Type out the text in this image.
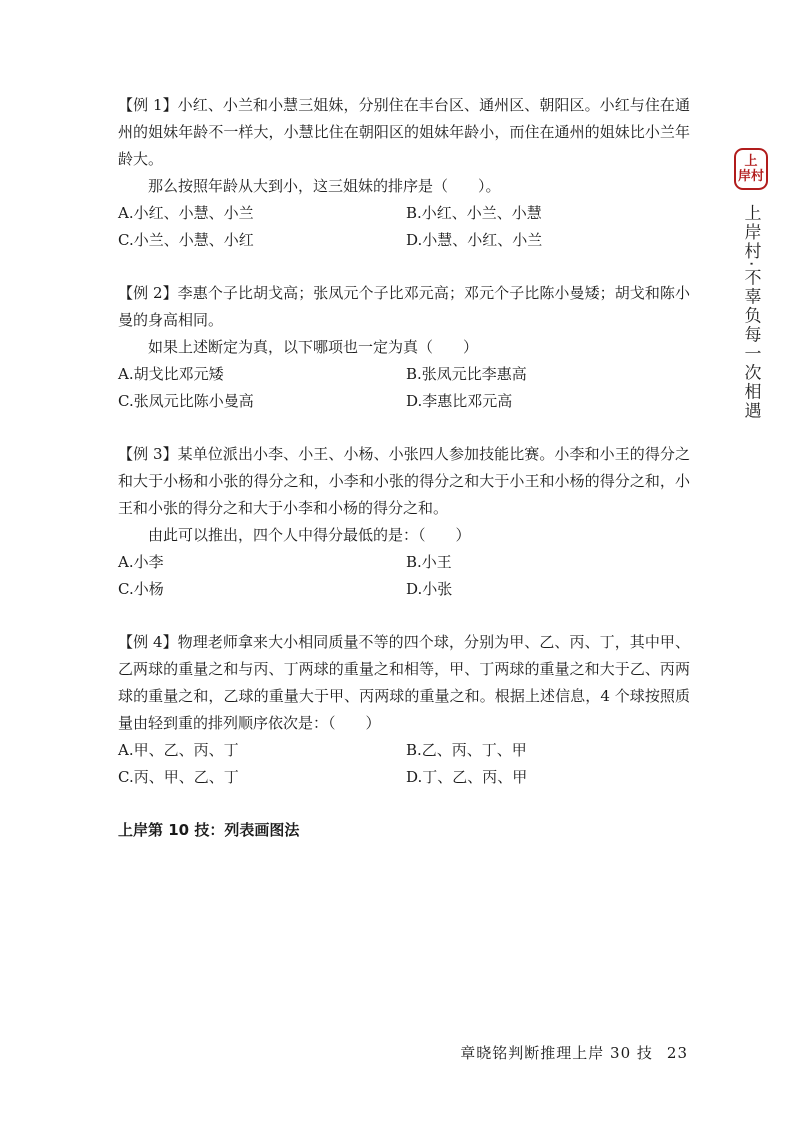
上
岸村
上岸村·不辜负每一次相遇

【例 1】小红、小兰和小慧三姐妹，分别住在丰台区、通州区、朝阳区。小红与住在通州的姐妹年龄不一样大，小慧比住在朝阳区的姐妹年龄小，而住在通州的姐妹比小兰年龄大。

那么按照年龄从大到小，这三姐妹的排序是（　　）。

A.小红、小慧、小兰	B.小红、小兰、小慧
C.小兰、小慧、小红	D.小慧、小红、小兰

【例 2】李惠个子比胡戈高；张凤元个子比邓元高；邓元个子比陈小曼矮；胡戈和陈小曼的身高相同。

如果上述断定为真，以下哪项也一定为真（　　）

A.胡戈比邓元矮	B.张凤元比李惠高
C.张凤元比陈小曼高	D.李惠比邓元高

【例 3】某单位派出小李、小王、小杨、小张四人参加技能比赛。小李和小王的得分之和大于小杨和小张的得分之和，小李和小张的得分之和大于小王和小杨的得分之和，小王和小张的得分之和大于小李和小杨的得分之和。

由此可以推出，四个人中得分最低的是：（　　）

A.小李	B.小王
C.小杨	D.小张

【例 4】物理老师拿来大小相同质量不等的四个球，分别为甲、乙、丙、丁，其中甲、乙两球的重量之和与丙、丁两球的重量之和相等，甲、丁两球的重量之和大于乙、丙两球的重量之和，乙球的重量大于甲、丙两球的重量之和。根据上述信息，4 个球按照质量由轻到重的排列顺序依次是：（　　）

A.甲、乙、丙、丁	B.乙、丙、丁、甲
C.丙、甲、乙、丁	D.丁、乙、丙、甲
上岸第 10 技：列表画图法
章晓铭判断推理上岸 30 技 23
